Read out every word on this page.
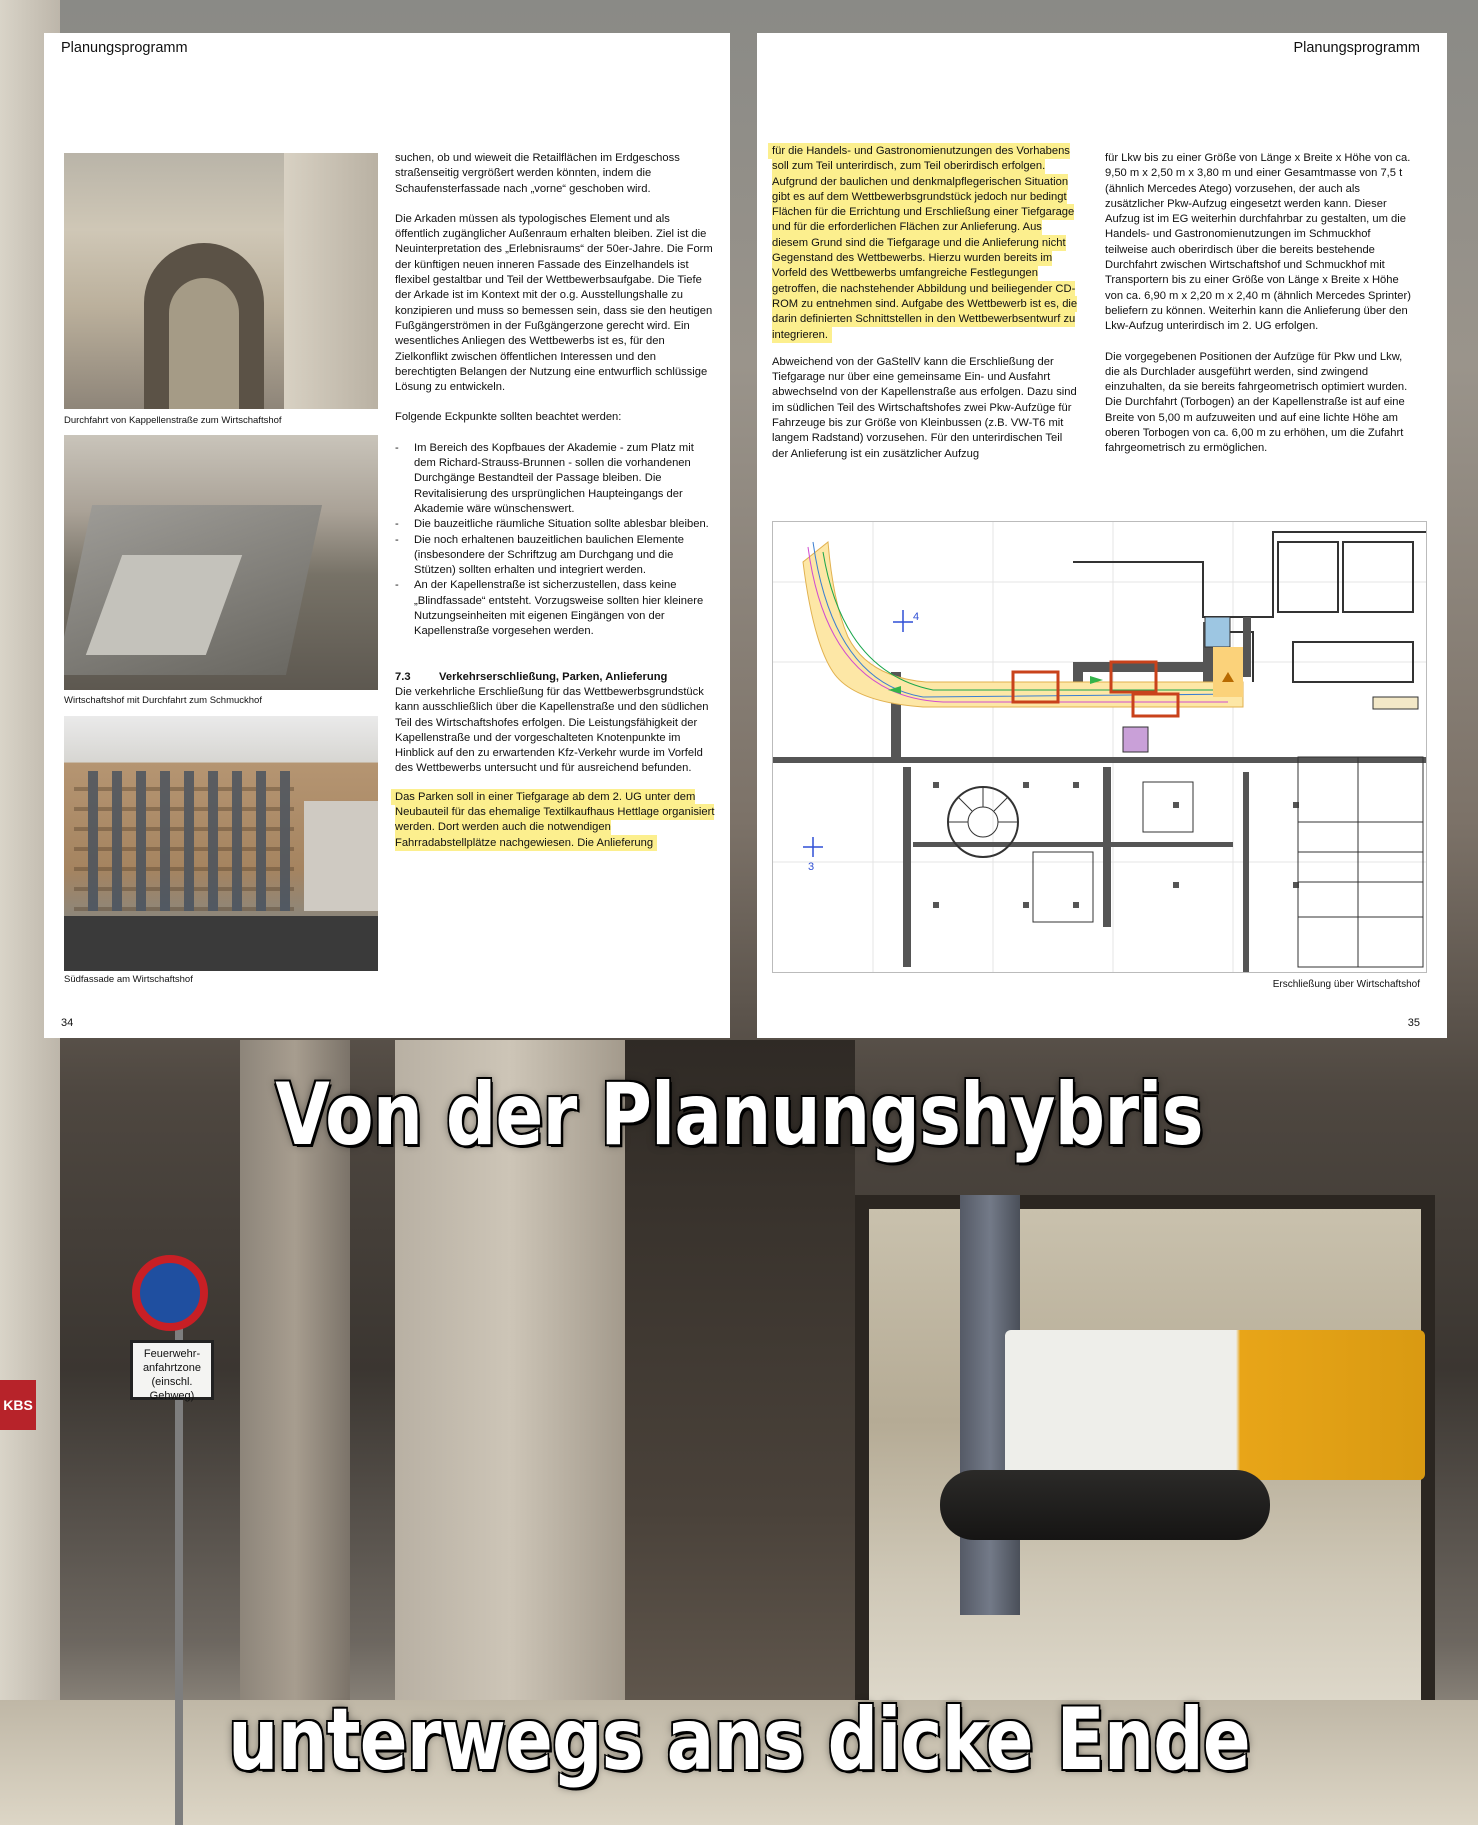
Feuerwehr-anfahrtzone (einschl. Gehweg)
KBS
Planungsprogramm
Durchfahrt von Kappellenstraße zum Wirtschaftshof
Wirtschaftshof mit Durchfahrt zum Schmuckhof
Südfassade am Wirtschaftshof

suchen, ob und wieweit die Retailflächen im Erdgeschoss straßenseitig vergrößert werden könnten, indem die Schaufensterfassade nach „vorne“ geschoben wird.

Die Arkaden müssen als typologisches Element und als öffentlich zugänglicher Außenraum erhalten bleiben. Ziel ist die Neuinterpretation des „Erlebnisraums“ der 50er-Jahre. Die Form der künftigen neuen inneren Fassade des Einzelhandels ist flexibel gestaltbar und Teil der Wettbewerbsaufgabe. Die Tiefe der Arkade ist im Kontext mit der o.g. Ausstellungshalle zu konzipieren und muss so bemessen sein, dass sie den heutigen Fußgängerströmen in der Fußgängerzone gerecht wird. Ein wesentliches Anliegen des Wettbewerbs ist es, für den Zielkonflikt zwischen öffentlichen Interessen und den berechtigten Belangen der Nutzung eine entwurflich schlüssige Lösung zu entwickeln.

Folgende Eckpunkte sollten beachtet werden:

- Im Bereich des Kopfbaues der Akademie - zum Platz mit dem Richard-Strauss-Brunnen - sollen die vorhandenen Durchgänge Bestandteil der Passage bleiben. Die Revitalisierung des ursprünglichen Haupteingangs der Akademie wäre wünschenswert.
- Die bauzeitliche räumliche Situation sollte ablesbar bleiben.
- Die noch erhaltenen bauzeitlichen baulichen Elemente (insbesondere der Schriftzug am Durchgang und die Stützen) sollten erhalten und integriert werden.
- An der Kapellenstraße ist sicherzustellen, dass keine „Blindfassade“ entsteht. Vorzugsweise sollten hier kleinere Nutzungseinheiten mit eigenen Eingängen von der Kapellenstraße vorgesehen werden.
7.3	Verkehrserschließung, Parken, Anlieferung

Die verkehrliche Erschließung für das Wettbewerbsgrundstück kann ausschließlich über die Kapellenstraße und den südlichen Teil des Wirtschaftshofes erfolgen. Die Leistungsfähigkeit der Kapellenstraße und der vorgeschalteten Knotenpunkte im Hinblick auf den zu erwartenden Kfz-Verkehr wurde im Vorfeld des Wettbewerbs untersucht und für ausreichend befunden.

Das Parken soll in einer Tiefgarage ab dem 2. UG unter dem Neubauteil für das ehemalige Textilkaufhaus Hettlage organisiert werden. Dort werden auch die notwendigen Fahrradabstellplätze nachgewiesen. Die Anlieferung

34
Planungsprogramm

für die Handels- und Gastronomienutzungen des Vorhabens soll zum Teil unterirdisch, zum Teil oberirdisch erfolgen. Aufgrund der baulichen und denkmalpflegerischen Situation gibt es auf dem Wettbewerbsgrundstück jedoch nur bedingt Flächen für die Errichtung und Erschließung einer Tiefgarage und für die erforderlichen Flächen zur Anlieferung. Aus diesem Grund sind die Tiefgarage und die Anlieferung nicht Gegenstand des Wettbewerbs. Hierzu wurden bereits im Vorfeld des Wettbewerbs umfangreiche Festlegungen getroffen, die nachstehender Abbildung und beiliegender CD-ROM zu entnehmen sind. Aufgabe des Wettbewerb ist es, die darin definierten Schnittstellen in den Wettbewerbsentwurf zu integrieren.

Abweichend von der GaStellV kann die Erschließung der Tiefgarage nur über eine gemeinsame Ein- und Ausfahrt abwechselnd von der Kapellenstraße aus erfolgen. Dazu sind im südlichen Teil des Wirtschaftshofes zwei Pkw-Aufzüge für Fahrzeuge bis zur Größe von Kleinbussen (z.B. VW-T6 mit langem Radstand) vorzusehen. Für den unterirdischen Teil der Anlieferung ist ein zusätzlicher Aufzug

für Lkw bis zu einer Größe von Länge x Breite x Höhe von ca. 9,50 m x 2,50 m x 3,80 m und einer Gesamtmasse von 7,5 t (ähnlich Mercedes Atego) vorzusehen, der auch als zusätzlicher Pkw-Aufzug eingesetzt werden kann. Dieser Aufzug ist im EG weiterhin durchfahrbar zu gestalten, um die Handels- und Gastronomienutzungen im Schmuckhof teilweise auch oberirdisch über die bereits bestehende Durchfahrt zwischen Wirtschaftshof und Schmuckhof mit Transportern bis zu einer Größe von Länge x Breite x Höhe von ca. 6,90 m x 2,20 m x 2,40 m (ähnlich Mercedes Sprinter) beliefern zu können. Weiterhin kann die Anlieferung über den Lkw-Aufzug unterirdisch im 2. UG erfolgen.

Die vorgegebenen Positionen der Aufzüge für Pkw und Lkw, die als Durchlader ausgeführt werden, sind zwingend einzuhalten, da sie bereits fahrgeometrisch optimiert wurden. Die Durchfahrt (Torbogen) an der Kapellenstraße ist auf eine Breite von 5,00 m aufzuweiten und auf eine lichte Höhe am oberen Torbogen von ca. 6,00 m zu erhöhen, um die Zufahrt fahrgeometrisch zu ermöglichen.

4
3
Erschließung über Wirtschaftshof
35
Von der Planungshybris
unterwegs ans dicke Ende
